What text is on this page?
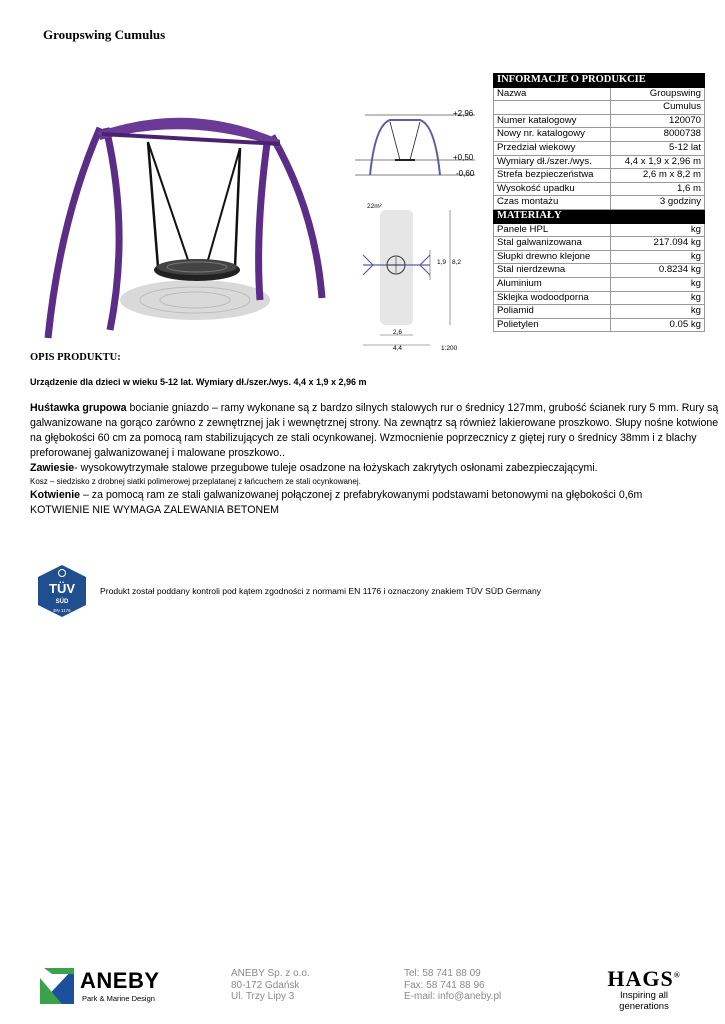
Groupswing Cumulus
+2,96
+0,50
-0,60
22m²
1,9 8,2
2,6
4,4	1:200
INFORMACJE O PRODUKCIE	
Nazwa	Groupswing
	Cumulus
Numer katalogowy	120070
Nowy nr. katalogowy	8000738
Przedział wiekowy	5-12 lat
Wymiary dł./szer./wys.	4,4 x 1,9 x 2,96 m
Strefa bezpieczeństwa	2,6 m x 8,2 m
Wysokość upadku	1,6 m
Czas montażu	3 godziny
MATERIAŁY	
Panele HPL	kg
Stal galwanizowana	217.094 kg
Słupki drewno klejone	kg
Stal nierdzewna	0.8234 kg
Aluminium	kg
Sklejka wodoodporna	kg
Poliamid	kg
Polietylen	0.05 kg
OPIS PRODUKTU:
Urządzenie dla dzieci w wieku 5-12 lat. Wymiary dł./szer./wys. 4,4 x 1,9 x 2,96 m

Huśtawka grupowa bocianie gniazdo – ramy wykonane są z bardzo silnych stalowych rur o średnicy 127mm, grubość ścianek rury 5 mm. Rury są galwanizowane na gorąco zarówno z zewnętrznej jak i wewnętrznej strony. Na zewnątrz są również lakierowane proszkowo. Słupy nośne kotwione na głębokości 60 cm za pomocą ram stabilizujących ze stali ocynkowanej. Wzmocnienie poprzecznicy z giętej rury o średnicy 38mm i z blachy preforowanej galwanizowanej i malowane proszkowo..

Zawiesie- wysokowytrzymałe stalowe przegubowe tuleje osadzone na łożyskach zakrytych osłonami zabezpieczającymi.

Kosz – siedzisko z drobnej siatki polimerowej przeplatanej z łańcuchem ze stali ocynkowanej.

Kotwienie – za pomocą ram ze stali galwanizowanej połączonej z prefabrykowanymi podstawami betonowymi na głębokości 0,6m

KOTWIENIE NIE WYMAGA ZALEWANIA BETONEM

TÜV
SÜD
EN 1176
Produkt został poddany kontroli pod kątem zgodności z normami EN 1176 i oznaczony znakiem TÜV SÜD Germany
ANEBY
Park & Marine Design
ANEBY Sp. z o.o.
80-172 Gdańsk
Ul. Trzy Lipy 3
Tel: 58 741 88 09
Fax: 58 741 88 96
E-mail: info@aneby.pl
HAGS®
Inspiring all generations
